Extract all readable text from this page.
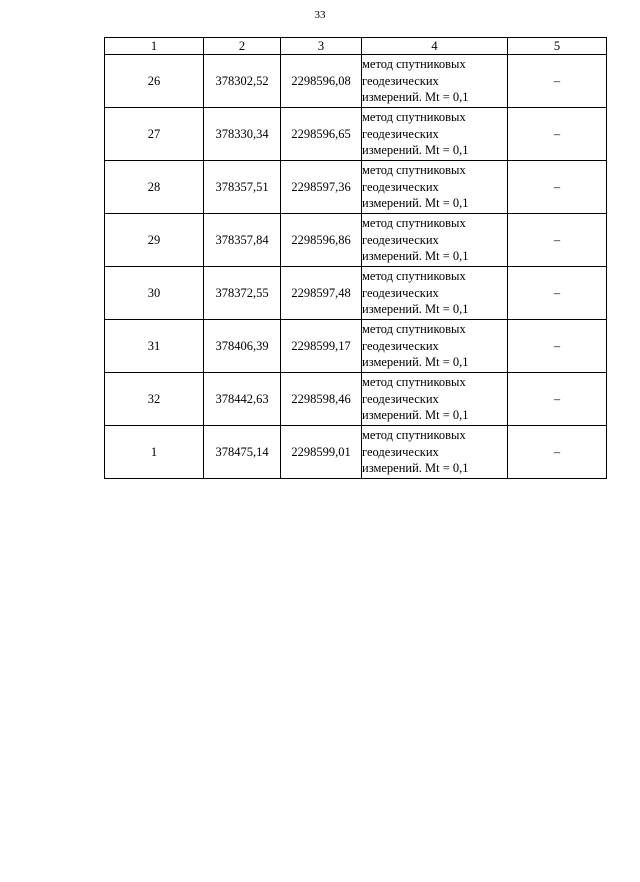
33
1	2	3	4	5
26	378302,52	2298596,08	метод спутниковых
геодезических
измерений. Mt = 0,1	–
27	378330,34	2298596,65	метод спутниковых
геодезических
измерений. Mt = 0,1	–
28	378357,51	2298597,36	метод спутниковых
геодезических
измерений. Mt = 0,1	–
29	378357,84	2298596,86	метод спутниковых
геодезических
измерений. Mt = 0,1	–
30	378372,55	2298597,48	метод спутниковых
геодезических
измерений. Mt = 0,1	–
31	378406,39	2298599,17	метод спутниковых
геодезических
измерений. Mt = 0,1	–
32	378442,63	2298598,46	метод спутниковых
геодезических
измерений. Mt = 0,1	–
1	378475,14	2298599,01	метод спутниковых
геодезических
измерений. Mt = 0,1	–
